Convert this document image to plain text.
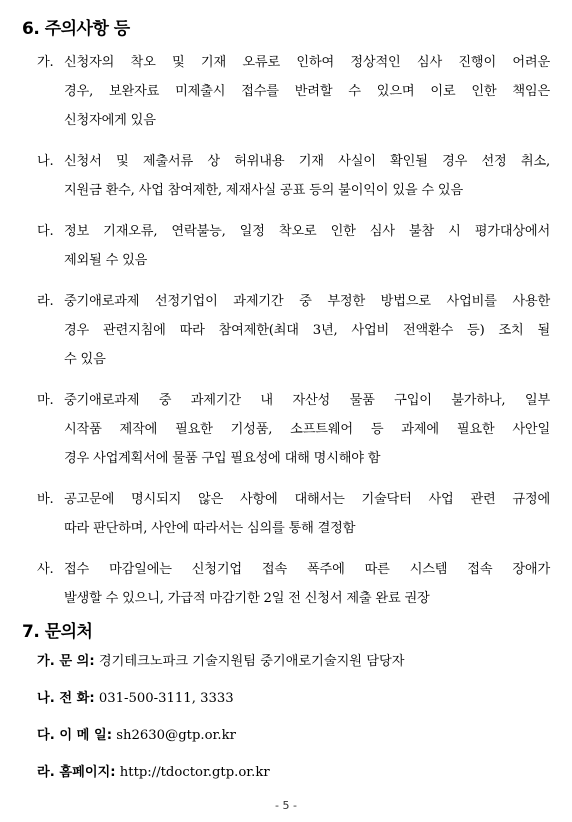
6. 주의사항 등
가. 신청자의 착오 및 기재 오류로 인하여 정상적인 심사 진행이 어려운
경우, 보완자료 미제출시 접수를 반려할 수 있으며 이로 인한 책임은
신청자에게 있음
나. 신청서 및 제출서류 상 허위내용 기재 사실이 확인될 경우 선정 취소,
지원금 환수, 사업 참여제한, 제재사실 공표 등의 불이익이 있을 수 있음
다. 정보 기재오류, 연락불능, 일정 착오로 인한 심사 불참 시 평가대상에서
제외될 수 있음
라. 중기애로과제 선정기업이 과제기간 중 부정한 방법으로 사업비를 사용한
경우 관련지침에 따라 참여제한(최대 3년, 사업비 전액환수 등) 조치 될
수 있음
마. 중기애로과제 중 과제기간 내 자산성 물품 구입이 불가하나, 일부
시작품 제작에 필요한 기성품, 소프트웨어 등 과제에 필요한 사안일
경우 사업계획서에 물품 구입 필요성에 대해 명시해야 함
바. 공고문에 명시되지 않은 사항에 대해서는 기술닥터 사업 관련 규정에
따라 판단하며, 사안에 따라서는 심의를 통해 결정함
사. 접수 마감일에는 신청기업 접속 폭주에 따른 시스템 접속 장애가
발생할 수 있으니, 가급적 마감기한 2일 전 신청서 제출 완료 권장
7. 문의처
가. 문 의: 경기테크노파크 기술지원팀 중기애로기술지원 담당자
나. 전 화: 031-500-3111, 3333
다. 이 메 일: sh2630@gtp.or.kr
라. 홈페이지: http://tdoctor.gtp.or.kr
- 5 -
